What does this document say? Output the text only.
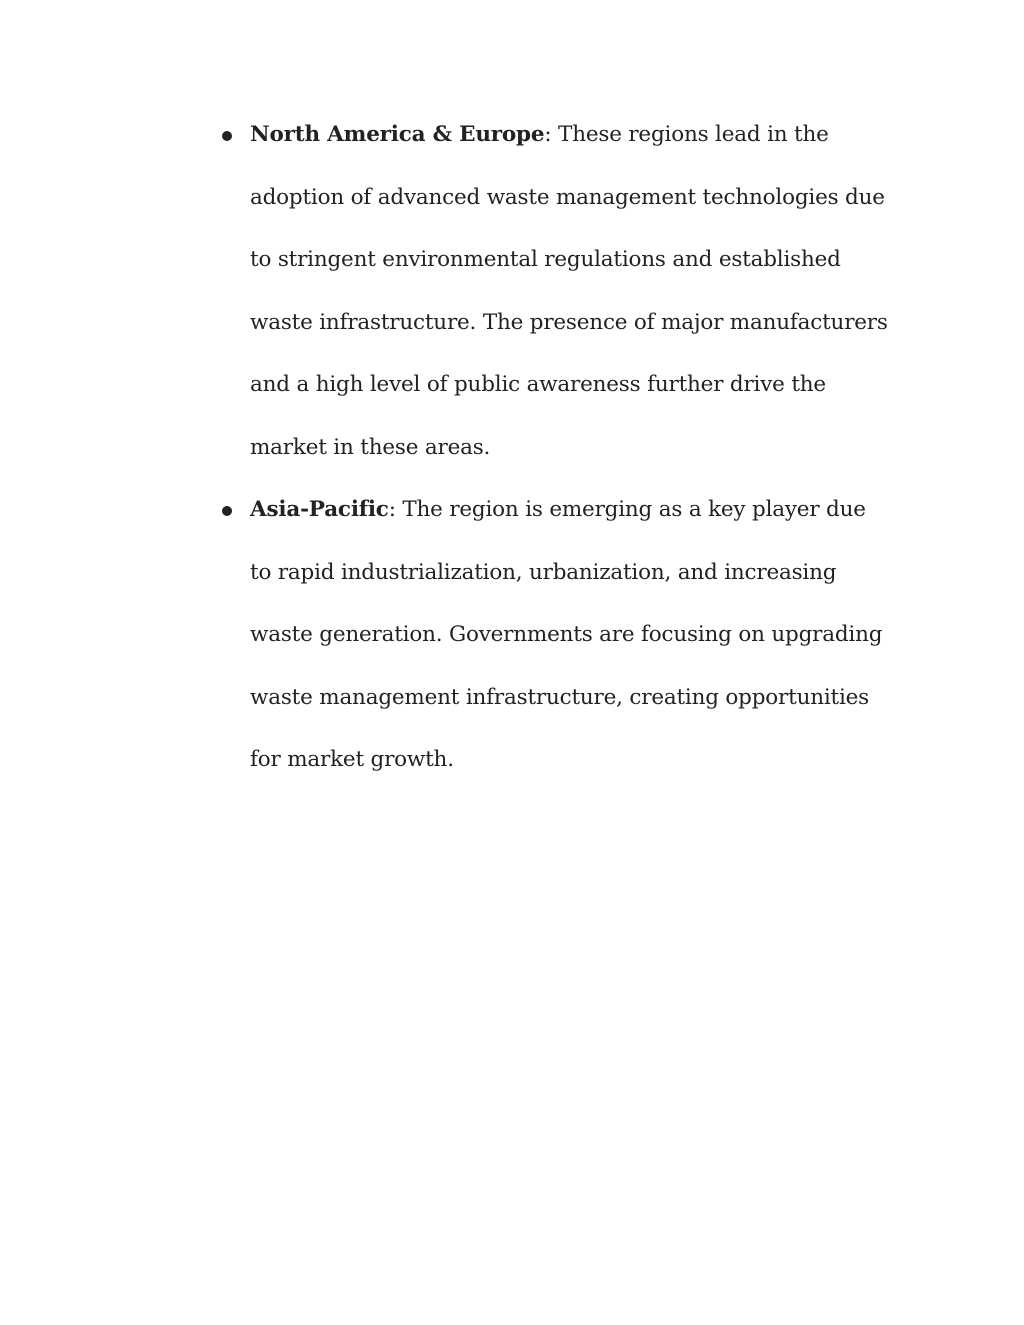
North America & Europe: These regions lead in the adoption of advanced waste management technologies due to stringent environmental regulations and established waste infrastructure. The presence of major manufacturers and a high level of public awareness further drive the market in these areas.
Asia-Pacific: The region is emerging as a key player due to rapid industrialization, urbanization, and increasing waste generation. Governments are focusing on upgrading waste management infrastructure, creating opportunities for market growth.
